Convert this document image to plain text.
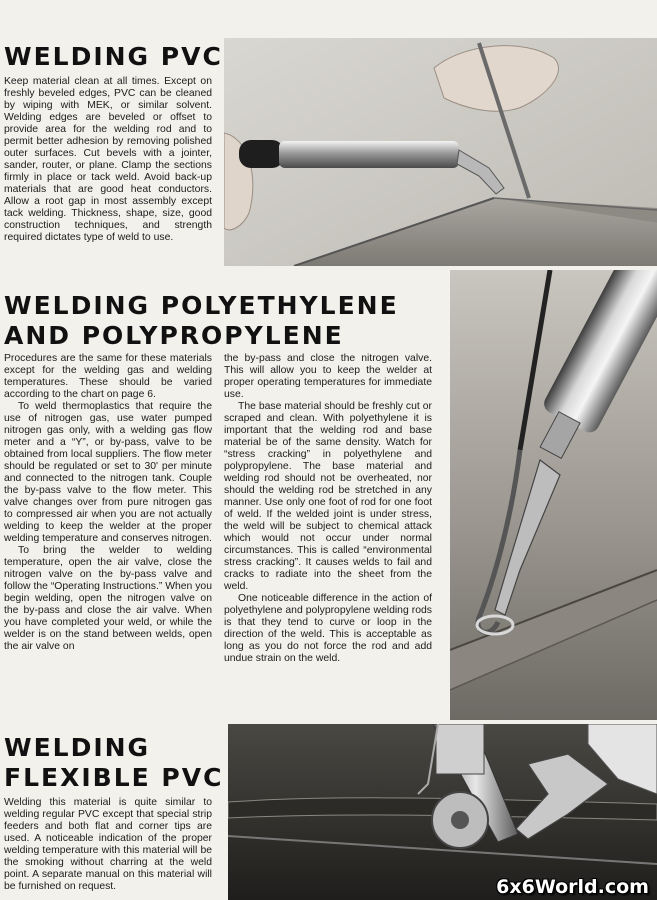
WELDING PVC

Keep material clean at all times. Except on freshly beveled edges, PVC can be cleaned by wiping with MEK, or similar solvent. Welding edges are beveled or offset to provide area for the welding rod and to permit better adhesion by removing polished outer surfaces. Cut bevels with a jointer, sander, router, or plane. Clamp the sections firmly in place or tack weld. Avoid back-up materials that are good heat conductors. Allow a root gap in most assembly except tack welding. Thickness, shape, size, good construction techniques, and strength required dictates type of weld to use.

WELDING POLYETHYLENE
AND POLYPROPYLENE

Procedures are the same for these materials except for the welding gas and welding temperatures. These should be varied according to the chart on page 6.

To weld thermoplastics that require the use of nitrogen gas, use water pumped nitrogen gas only, with a welding gas flow meter and a “Y”, or by-pass, valve to be obtained from local suppliers. The flow meter should be regulated or set to 30' per minute and connected to the nitrogen tank. Couple the by-pass valve to the flow meter. This valve changes over from pure nitrogen gas to compressed air when you are not actually welding to keep the welder at the proper welding temperature and conserves nitrogen.

To bring the welder to welding temperature, open the air valve, close the nitrogen valve on the by-pass valve and follow the “Operating Instructions.” When you begin welding, open the nitrogen valve on the by-pass and close the air valve. When you have completed your weld, or while the welder is on the stand between welds, open the air valve on

the by-pass and close the nitrogen valve. This will allow you to keep the welder at proper operating temperatures for immediate use.

The base material should be freshly cut or scraped and clean. With polyethylene it is important that the welding rod and base material be of the same density. Watch for “stress cracking” in polyethylene and polypropylene. The base material and welding rod should not be overheated, nor should the welding rod be stretched in any manner. Use only one foot of rod for one foot of weld. If the welded joint is under stress, the weld will be subject to chemical attack which would not occur under normal circumstances. This is called “environmental stress cracking”. It causes welds to fail and cracks to radiate into the sheet from the weld.

One noticeable difference in the action of polyethylene and polypropylene welding rods is that they tend to curve or loop in the direction of the weld. This is acceptable as long as you do not force the rod and add undue strain on the weld.

WELDING
FLEXIBLE PVC

Welding this material is quite similar to welding regular PVC except that special strip feeders and both flat and corner tips are used. A noticeable indication of the proper welding temperature with this material will be the smoking without charring at the weld point. A separate manual on this material will be furnished on request.	6x6World.com
